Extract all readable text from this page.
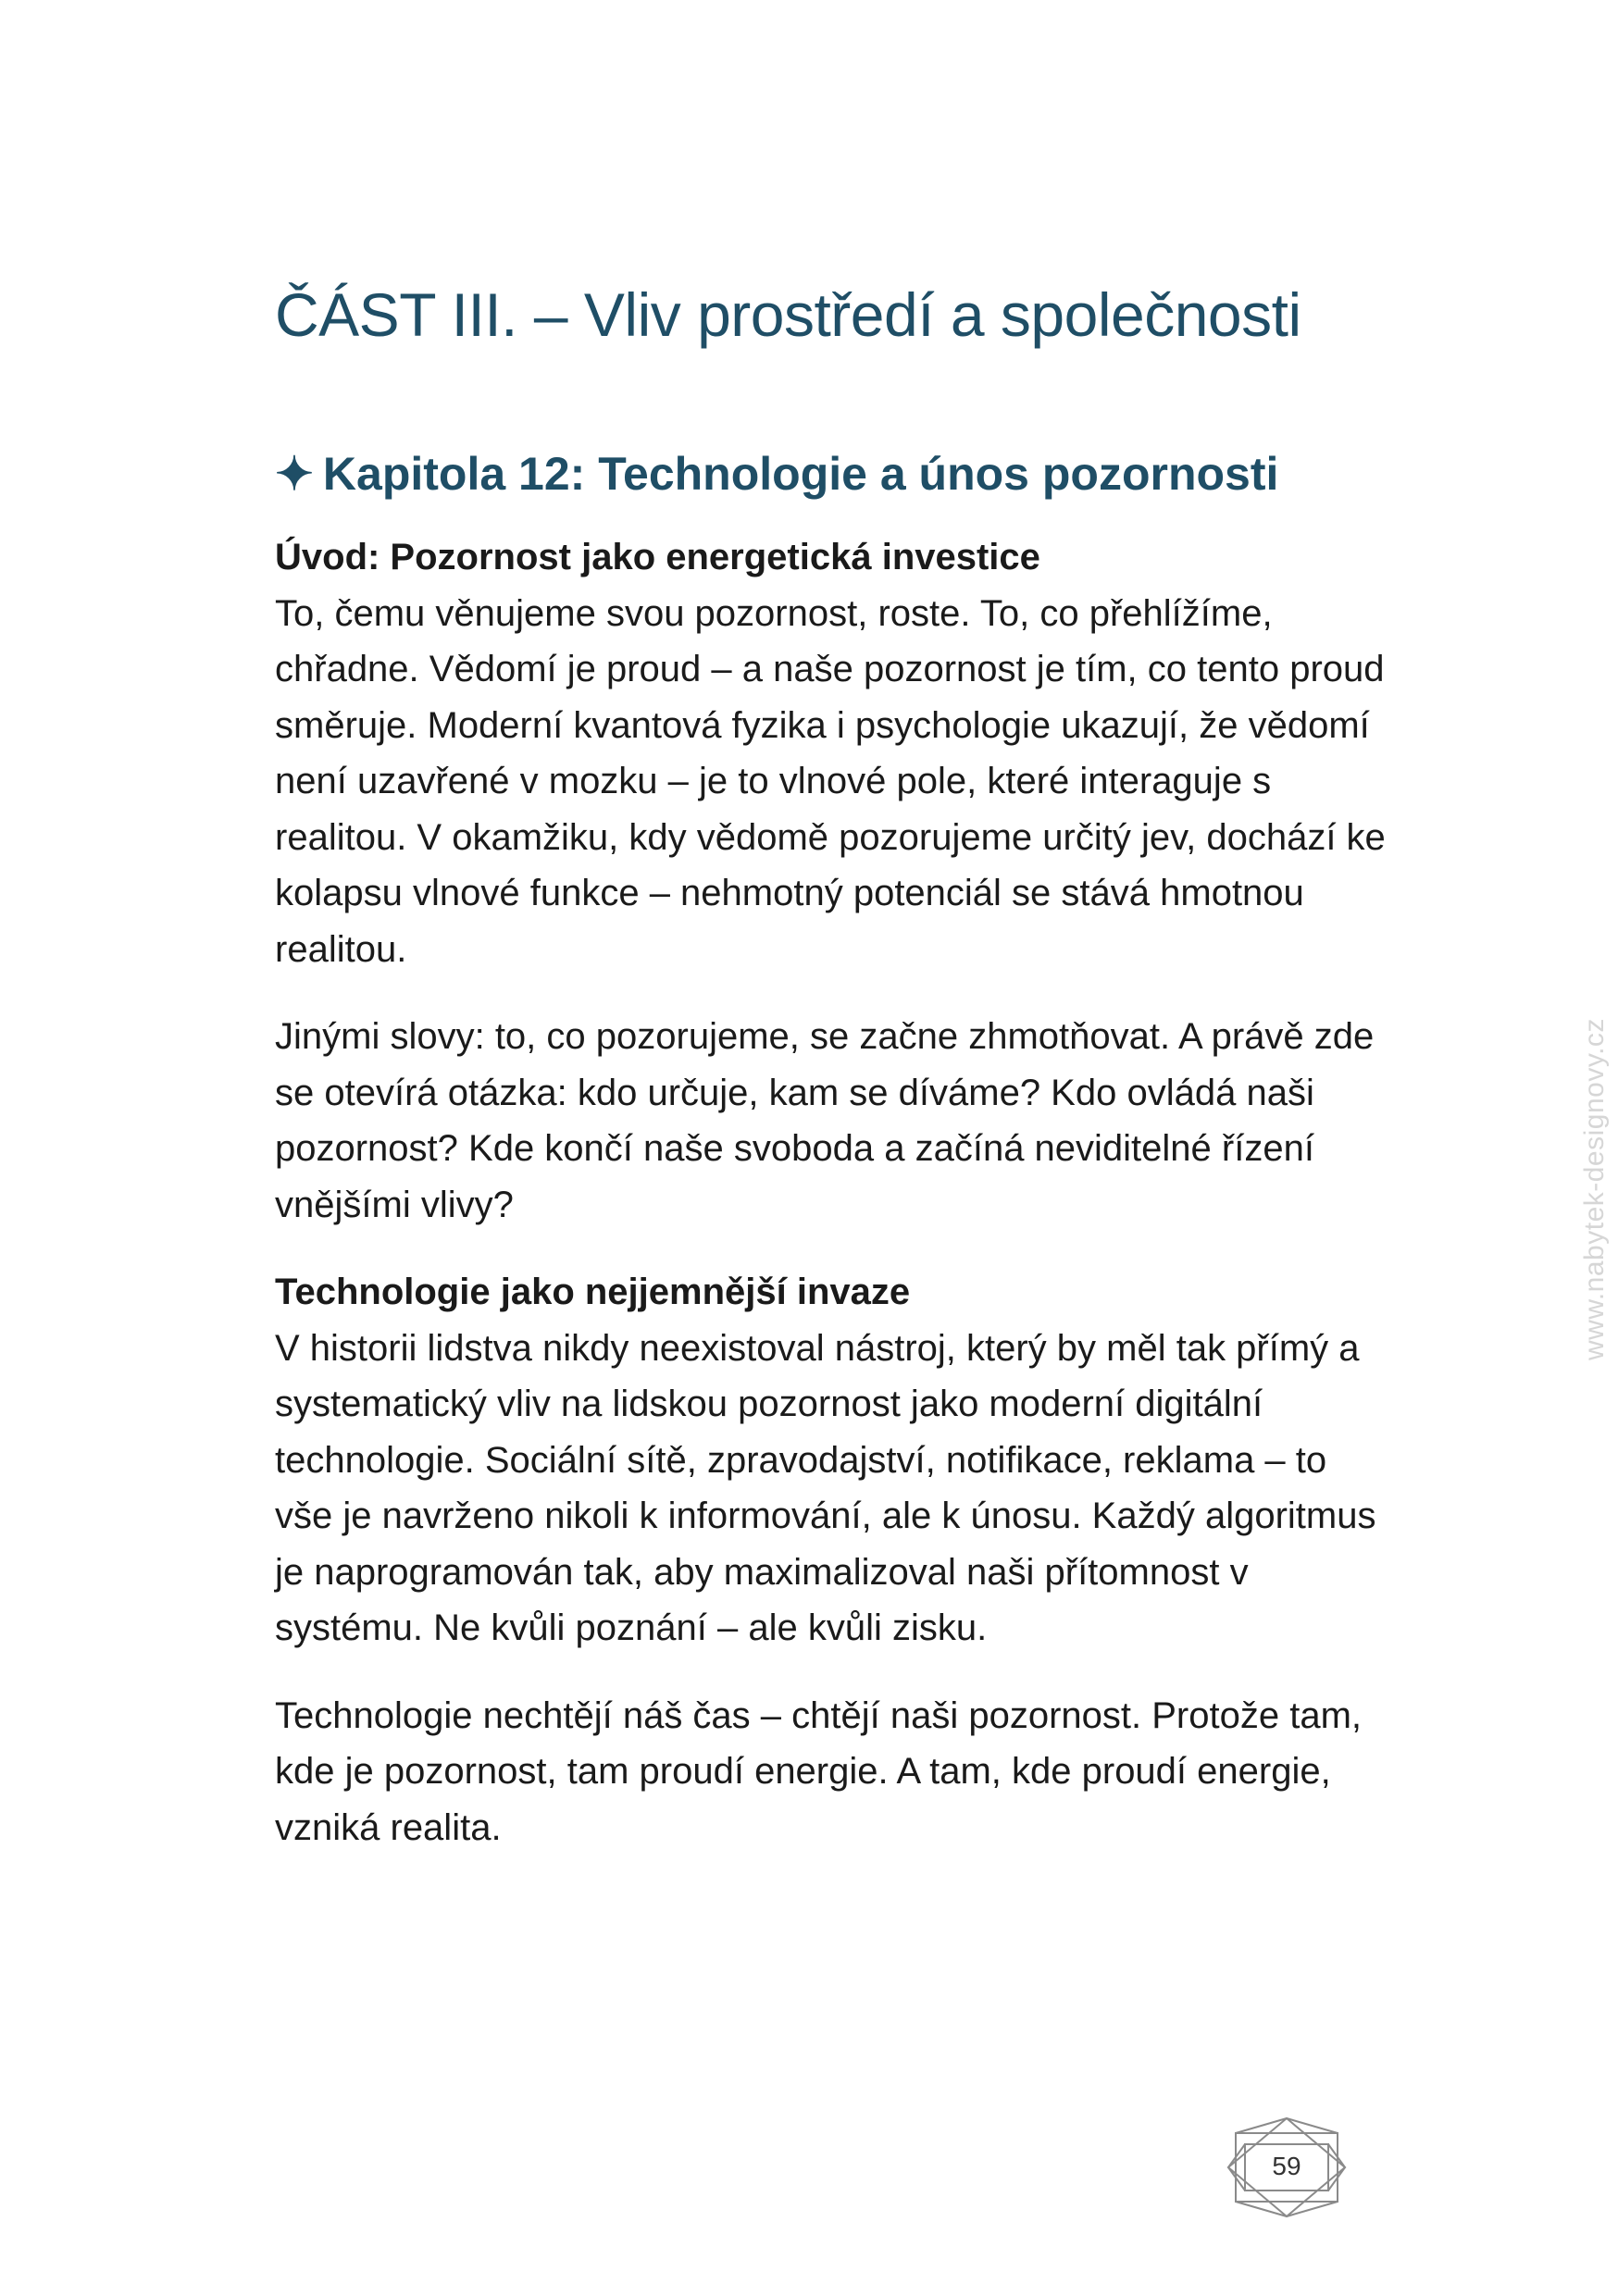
ČÁST III. – Vliv prostředí a společnosti
✦ Kapitola 12: Technologie a únos pozornosti
Úvod: Pozornost jako energetická investice

To, čemu věnujeme svou pozornost, roste. To, co přehlížíme, chřadne. Vědomí je proud – a naše pozornost je tím, co tento proud směruje. Moderní kvantová fyzika i psychologie ukazují, že vědomí není uzavřené v mozku – je to vlnové pole, které interaguje s realitou. V okamžiku, kdy vědomě pozorujeme určitý jev, dochází ke kolapsu vlnové funkce – nehmotný potenciál se stává hmotnou realitou.

Jinými slovy: to, co pozorujeme, se začne zhmotňovat. A právě zde se otevírá otázka: kdo určuje, kam se díváme? Kdo ovládá naši pozornost? Kde končí naše svoboda a začíná neviditelné řízení vnějšími vlivy?

Technologie jako nejjemnější invaze

V historii lidstva nikdy neexistoval nástroj, který by měl tak přímý a systematický vliv na lidskou pozornost jako moderní digitální technologie. Sociální sítě, zpravodajství, notifikace, reklama – to vše je navrženo nikoli k informování, ale k únosu. Každý algoritmus je naprogramován tak, aby maximalizoval naši přítomnost v systému. Ne kvůli poznání – ale kvůli zisku.

Technologie nechtějí náš čas – chtějí naši pozornost. Protože tam, kde je pozornost, tam proudí energie. A tam, kde proudí energie, vzniká realita.

www.nabytek-designovy.cz
59
